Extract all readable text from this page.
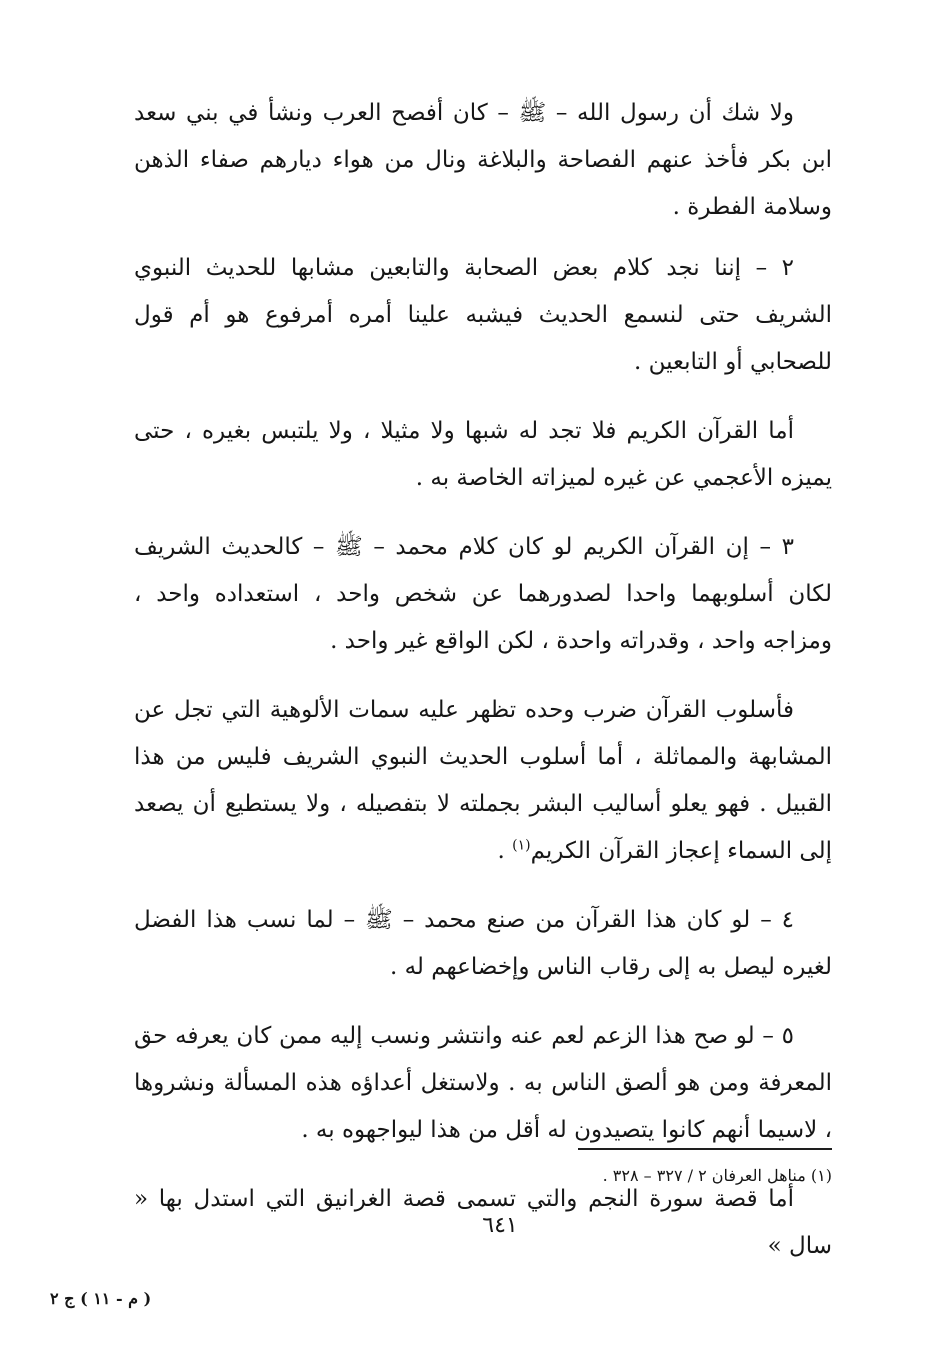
ولا شك أن رسول الله – ﷺ – كان أفصح العرب ونشأ في بني سعد ابن بكر فأخذ عنهم الفصاحة والبلاغة ونال من هواء ديارهم صفاء الذهن وسلامة الفطرة .

٢ – إننا نجد كلام بعض الصحابة والتابعين مشابها للحديث النبوي الشريف حتى لنسمع الحديث فيشبه علينا أمره أمرفوع هو أم قول للصحابي أو التابعين .

أما القرآن الكريم فلا تجد له شبها ولا مثيلا ، ولا يلتبس بغيره ، حتى يميزه الأعجمي عن غيره لميزاته الخاصة به .

٣ – إن القرآن الكريم لو كان كلام محمد – ﷺ – كالحديث الشريف لكان أسلوبهما واحدا لصدورهما عن شخص واحد ، استعداده واحد ، ومزاجه واحد ، وقدراته واحدة ، لكن الواقع غير واحد .

فأسلوب القرآن ضرب وحده تظهر عليه سمات الألوهية التي تجل عن المشابهة والمماثلة ، أما أسلوب الحديث النبوي الشريف فليس من هذا القبيل . فهو يعلو أساليب البشر بجملته لا بتفصيله ، ولا يستطيع أن يصعد إلى السماء إعجاز القرآن الكريم$^{(١)}$ .

٤ – لو كان هذا القرآن من صنع محمد – ﷺ – لما نسب هذا الفضل لغيره ليصل به إلى رقاب الناس وإخضاعهم له .

٥ – لو صح هذا الزعم لعم عنه وانتشر ونسب إليه ممن كان يعرفه حق المعرفة ومن هو ألصق الناس به . ولاستغل أعداؤه هذه المسألة ونشروها ، لاسيما أنهم كانوا يتصيدون له أقل من هذا ليواجهوه به .

أما قصة سورة النجم والتي تسمى قصة الغرانيق التي استدل بها « سال »

(١) مناهل العرفان ٢ / ٣٢٧ – ٣٢٨ .
٦٤١
( م - ١١ ) ج ٢
